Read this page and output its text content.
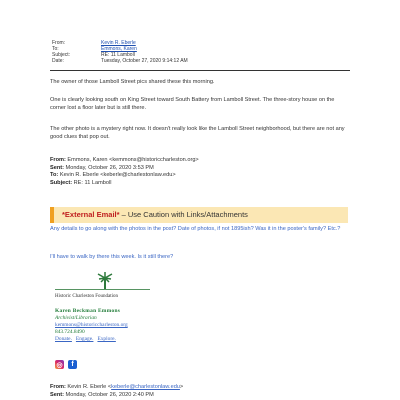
From:	Kevin R. Eberle
To:	Emmons, Karen
Subject:	RE: 11 Lamboll
Date:	Tuesday, October 27, 2020 9:14:12 AM
The owner of those Lamboll Street pics shared these this morning.
One is clearly looking south on King Street toward South Battery from Lamboll Street. The three-story house on the corner lost a floor later but is still there.
The other photo is a mystery right now. It doesn't really look like the Lamboll Street neighborhood, but there are not any good clues that pop out.
From: Emmons, Karen <kemmons@historiccharleston.org>
Sent: Monday, October 26, 2020 3:53 PM
To: Kevin R. Eberle <keberle@charlestonlaw.edu>
Subject: RE: 11 Lamboll
*External Email* – Use Caution with Links/Attachments
Any details to go along with the photos in the post? Date of photos, if not 1895ish? Was it in the poster's family? Etc.?
I'll have to walk by there this week. Is it still there?
Historic Charleston Foundation
Karen Beckman Emmons
Archivist/Librarian
kemmons@historiccharleston.org
843.724.8490
Donate. Engage. Explore.
◎	f
From: Kevin R. Eberle <keberle@charlestonlaw.edu>
Sent: Monday, October 26, 2020 2:40 PM
